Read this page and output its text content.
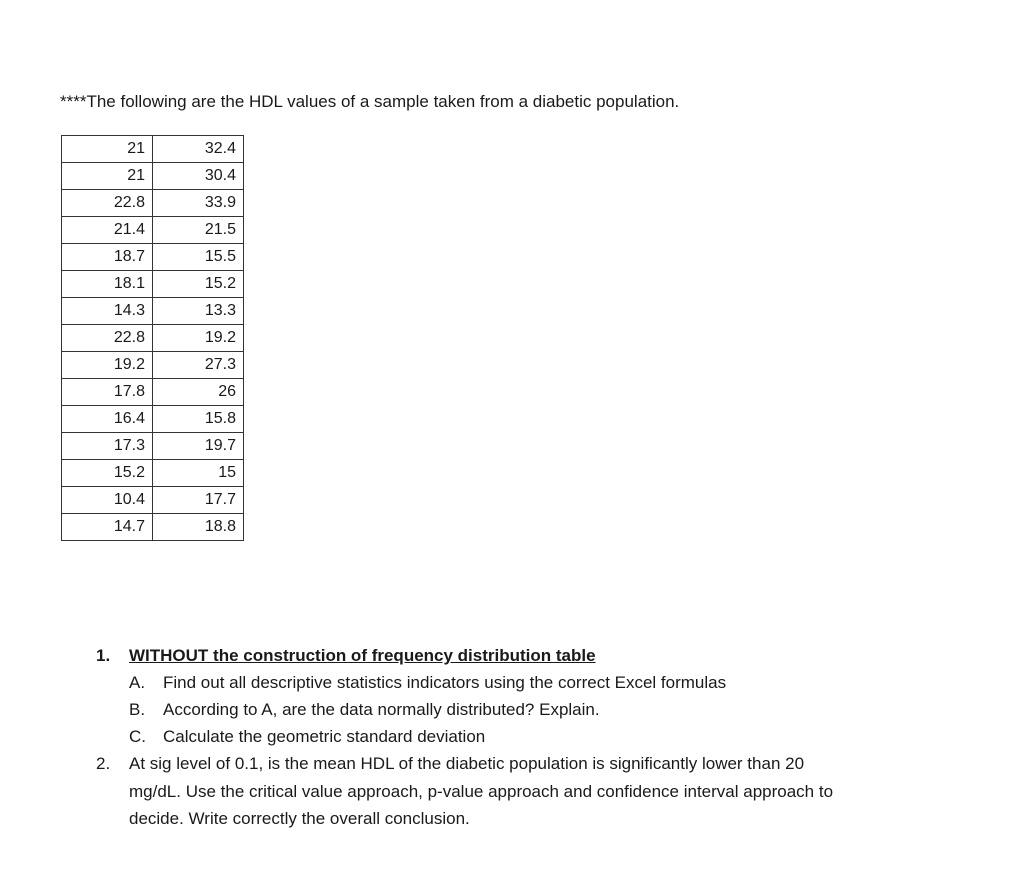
****The following are the HDL values of a sample taken from a diabetic population.
21	32.4
21	30.4
22.8	33.9
21.4	21.5
18.7	15.5
18.1	15.2
14.3	13.3
22.8	19.2
19.2	27.3
17.8	26
16.4	15.8
17.3	19.7
15.2	15
10.4	17.7
14.7	18.8
1.	WITHOUT the construction of frequency distribution table
A. Find out all descriptive statistics indicators using the correct Excel formulas
B. According to A, are the data normally distributed? Explain.
C. Calculate the geometric standard deviation
2.	At sig level of 0.1, is the mean HDL of the diabetic population is significantly lower than 20
mg/dL. Use the critical value approach, p-value approach and confidence interval approach to
decide. Write correctly the overall conclusion.
